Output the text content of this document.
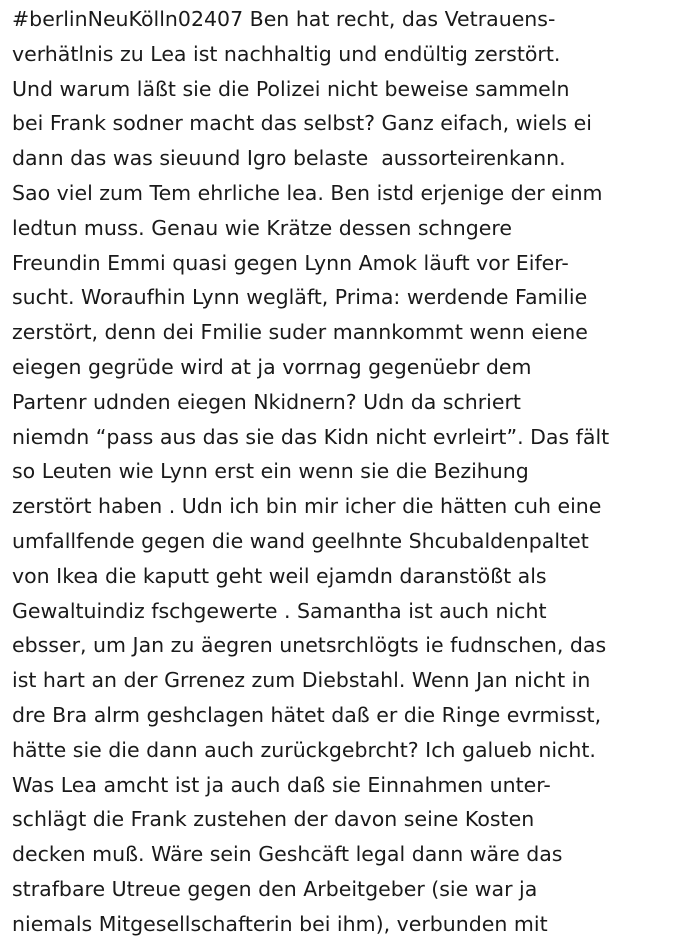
#berlinNeuKölln02407 Ben hat recht, das Vetrauens-
verhätlnis zu Lea ist nachhaltig und endültig zerstört.
Und warum läßt sie die Polizei nicht beweise sammeln
bei Frank sodner macht das selbst? Ganz eifach, wiels ei
dann das was sieuund Igro belaste  aussorteirenkann.
Sao viel zum Tem ehrliche lea. Ben istd erjenige der einm
ledtun muss. Genau wie Krätze dessen schngere
Freundin Emmi quasi gegen Lynn Amok läuft vor Eifer-
sucht. Woraufhin Lynn wegläft, Prima: werdende Familie
zerstört, denn dei Fmilie suder mannkommt wenn eiene
eiegen gegrüde wird at ja vorrnag gegenüebr dem
Partenr udnden eiegen Nkidnern? Udn da schriert
niemdn “pass aus das sie das Kidn nicht evrleirt”. Das fält
so Leuten wie Lynn erst ein wenn sie die Bezihung
zerstört haben . Udn ich bin mir icher die hätten cuh eine
umfallfende gegen die wand geelhnte Shcubaldenpaltet
von Ikea die kaputt geht weil ejamdn daranstößt als
Gewaltuindiz fschgewerte . Samantha ist auch nicht
ebsser, um Jan zu äegren unetsrchlögts ie fudnschen, das
ist hart an der Grrenez zum Diebstahl. Wenn Jan nicht in
dre Bra alrm geshclagen hätet daß er die Ringe evrmisst,
hätte sie die dann auch zurückgebrcht? Ich galueb nicht.
Was Lea amcht ist ja auch daß sie Einnahmen unter-
schlägt die Frank zustehen der davon seine Kosten
decken muß. Wäre sein Geshcäft legal dann wäre das
strafbare Utreue gegen den Arbeitgeber (sie war ja
niemals Mitgesellschafterin bei ihm), verbunden mit
